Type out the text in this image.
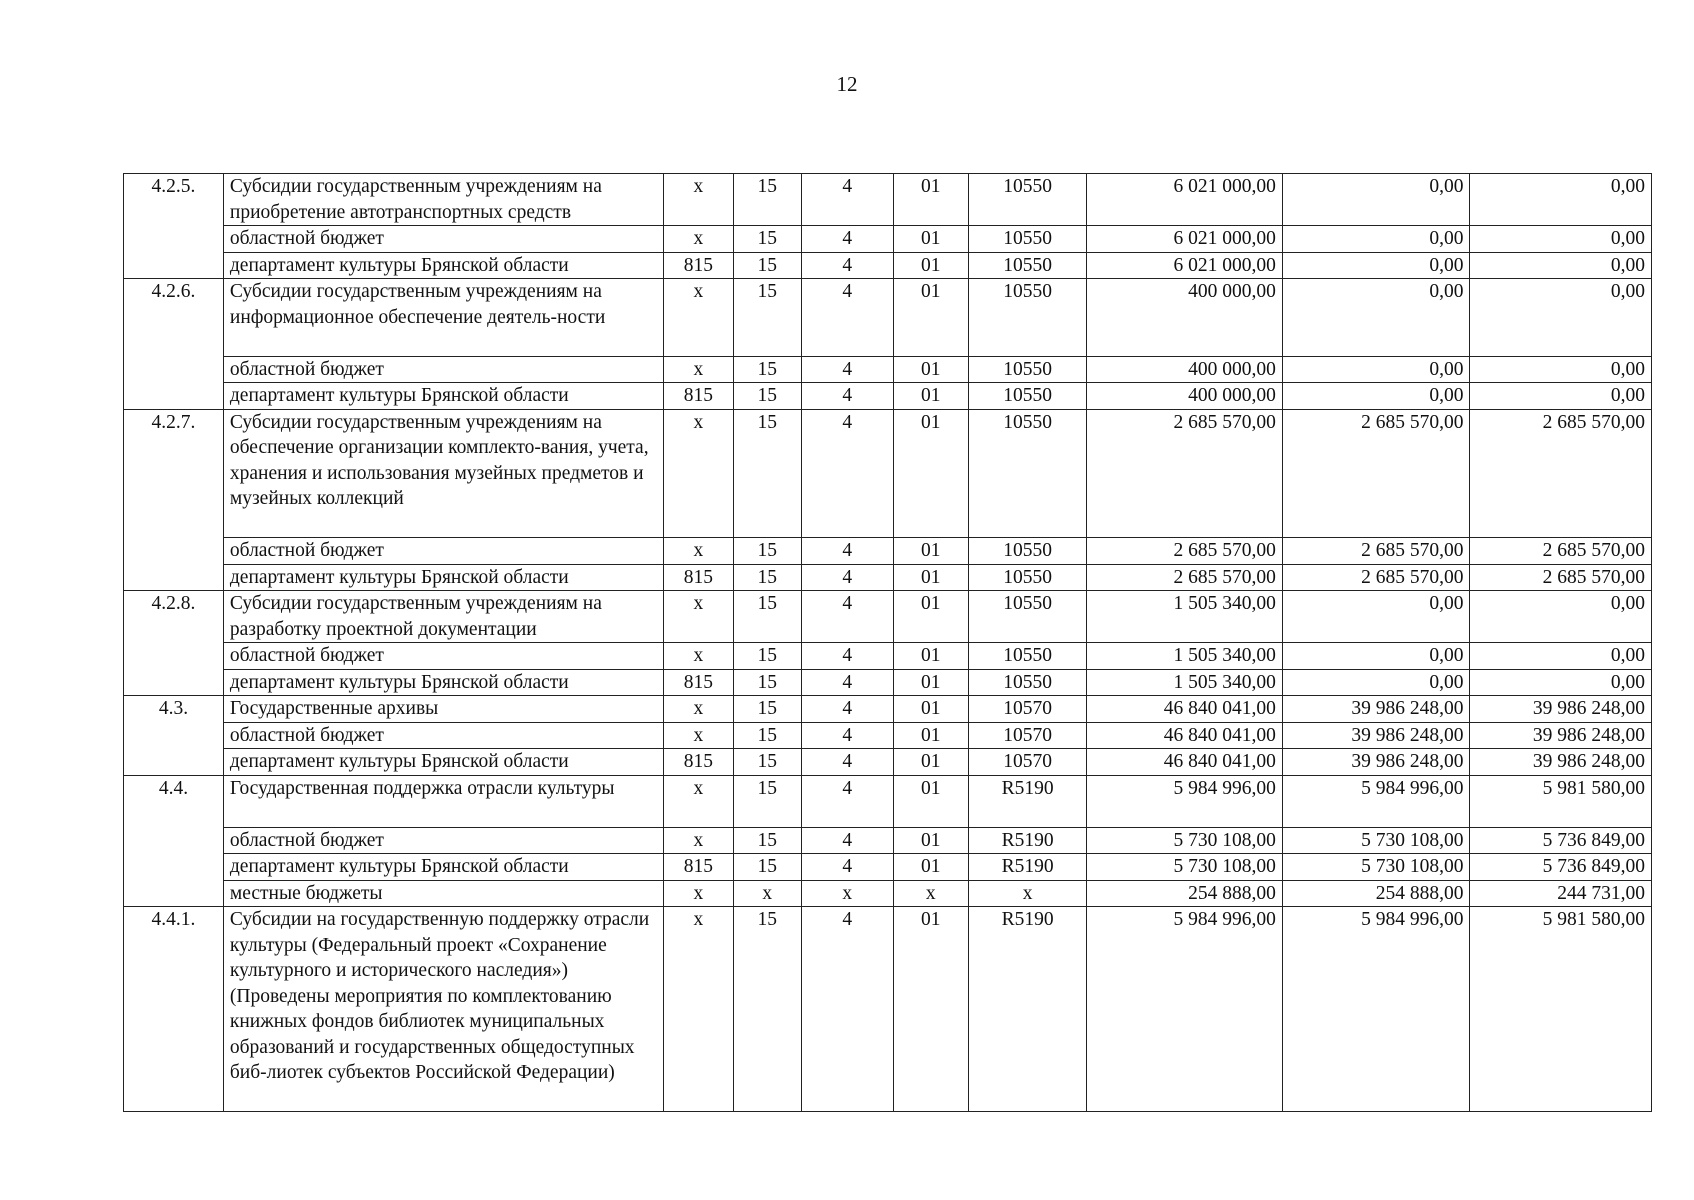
12
4.2.5.	Субсидии государственным учреждениям на приобретение автотранспортных средств	х	15	4	01	10550	6 021 000,00	0,00	0,00
	областной бюджет	х	15	4	01	10550	6 021 000,00	0,00	0,00
	департамент культуры Брянской области	815	15	4	01	10550	6 021 000,00	0,00	0,00
4.2.6.	Субсидии государственным учреждениям на информационное обеспечение деятель-ности	х	15	4	01	10550	400 000,00	0,00	0,00
	областной бюджет	х	15	4	01	10550	400 000,00	0,00	0,00
	департамент культуры Брянской области	815	15	4	01	10550	400 000,00	0,00	0,00
4.2.7.	Субсидии государственным учреждениям на обеспечение организации комплекто-вания, учета, хранения и использования музейных предметов и музейных коллекций	х	15	4	01	10550	2 685 570,00	2 685 570,00	2 685 570,00
	областной бюджет	х	15	4	01	10550	2 685 570,00	2 685 570,00	2 685 570,00
	департамент культуры Брянской области	815	15	4	01	10550	2 685 570,00	2 685 570,00	2 685 570,00
4.2.8.	Субсидии государственным учреждениям на разработку проектной документации	х	15	4	01	10550	1 505 340,00	0,00	0,00
	областной бюджет	х	15	4	01	10550	1 505 340,00	0,00	0,00
	департамент культуры Брянской области	815	15	4	01	10550	1 505 340,00	0,00	0,00
4.3.	Государственные архивы	х	15	4	01	10570	46 840 041,00	39 986 248,00	39 986 248,00
	областной бюджет	х	15	4	01	10570	46 840 041,00	39 986 248,00	39 986 248,00
	департамент культуры Брянской области	815	15	4	01	10570	46 840 041,00	39 986 248,00	39 986 248,00
4.4.	Государственная поддержка отрасли культуры	х	15	4	01	R5190	5 984 996,00	5 984 996,00	5 981 580,00
	областной бюджет	х	15	4	01	R5190	5 730 108,00	5 730 108,00	5 736 849,00
	департамент культуры Брянской области	815	15	4	01	R5190	5 730 108,00	5 730 108,00	5 736 849,00
	местные бюджеты	х	х	х	х	х	254 888,00	254 888,00	244 731,00
4.4.1.	Субсидии на государственную поддержку отрасли культуры (Федеральный проект «Сохранение культурного и исторического наследия») (Проведены мероприятия по комплектованию книжных фондов библиотек муниципальных образований и государственных общедоступных биб-лиотек субъектов Российской Федерации)	х	15	4	01	R5190	5 984 996,00	5 984 996,00	5 981 580,00
